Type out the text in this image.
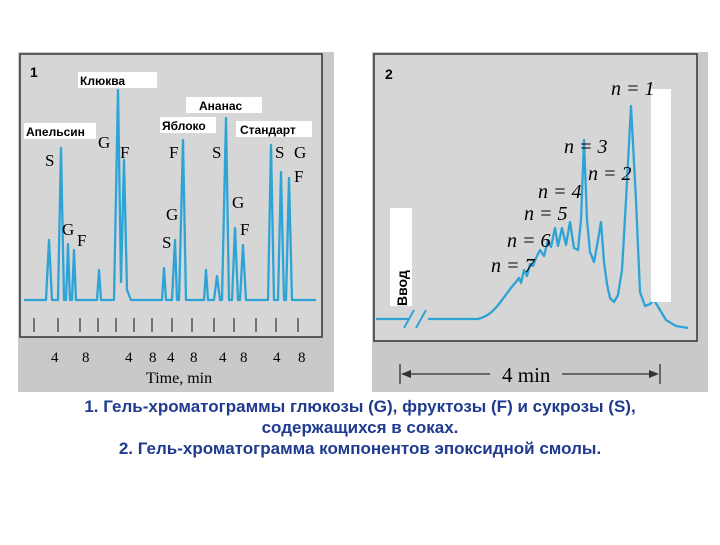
1
Апельсин
Клюква
Яблоко
Ананас
Стандарт
S
G
F
G
F F
G
S
S
G
F
S G
F
4 8 4 8 4 8 4 8 4 8
Time, min
2
Ввод
n = 1
n = 2
n = 3
n = 4
n = 5
n = 6
n = 7
4 min
1. Гель-хроматограммы глюкозы (G), фруктозы (F) и сукрозы (S),
содержащихся в соках.
2. Гель-хроматограмма компонентов эпоксидной смолы.
